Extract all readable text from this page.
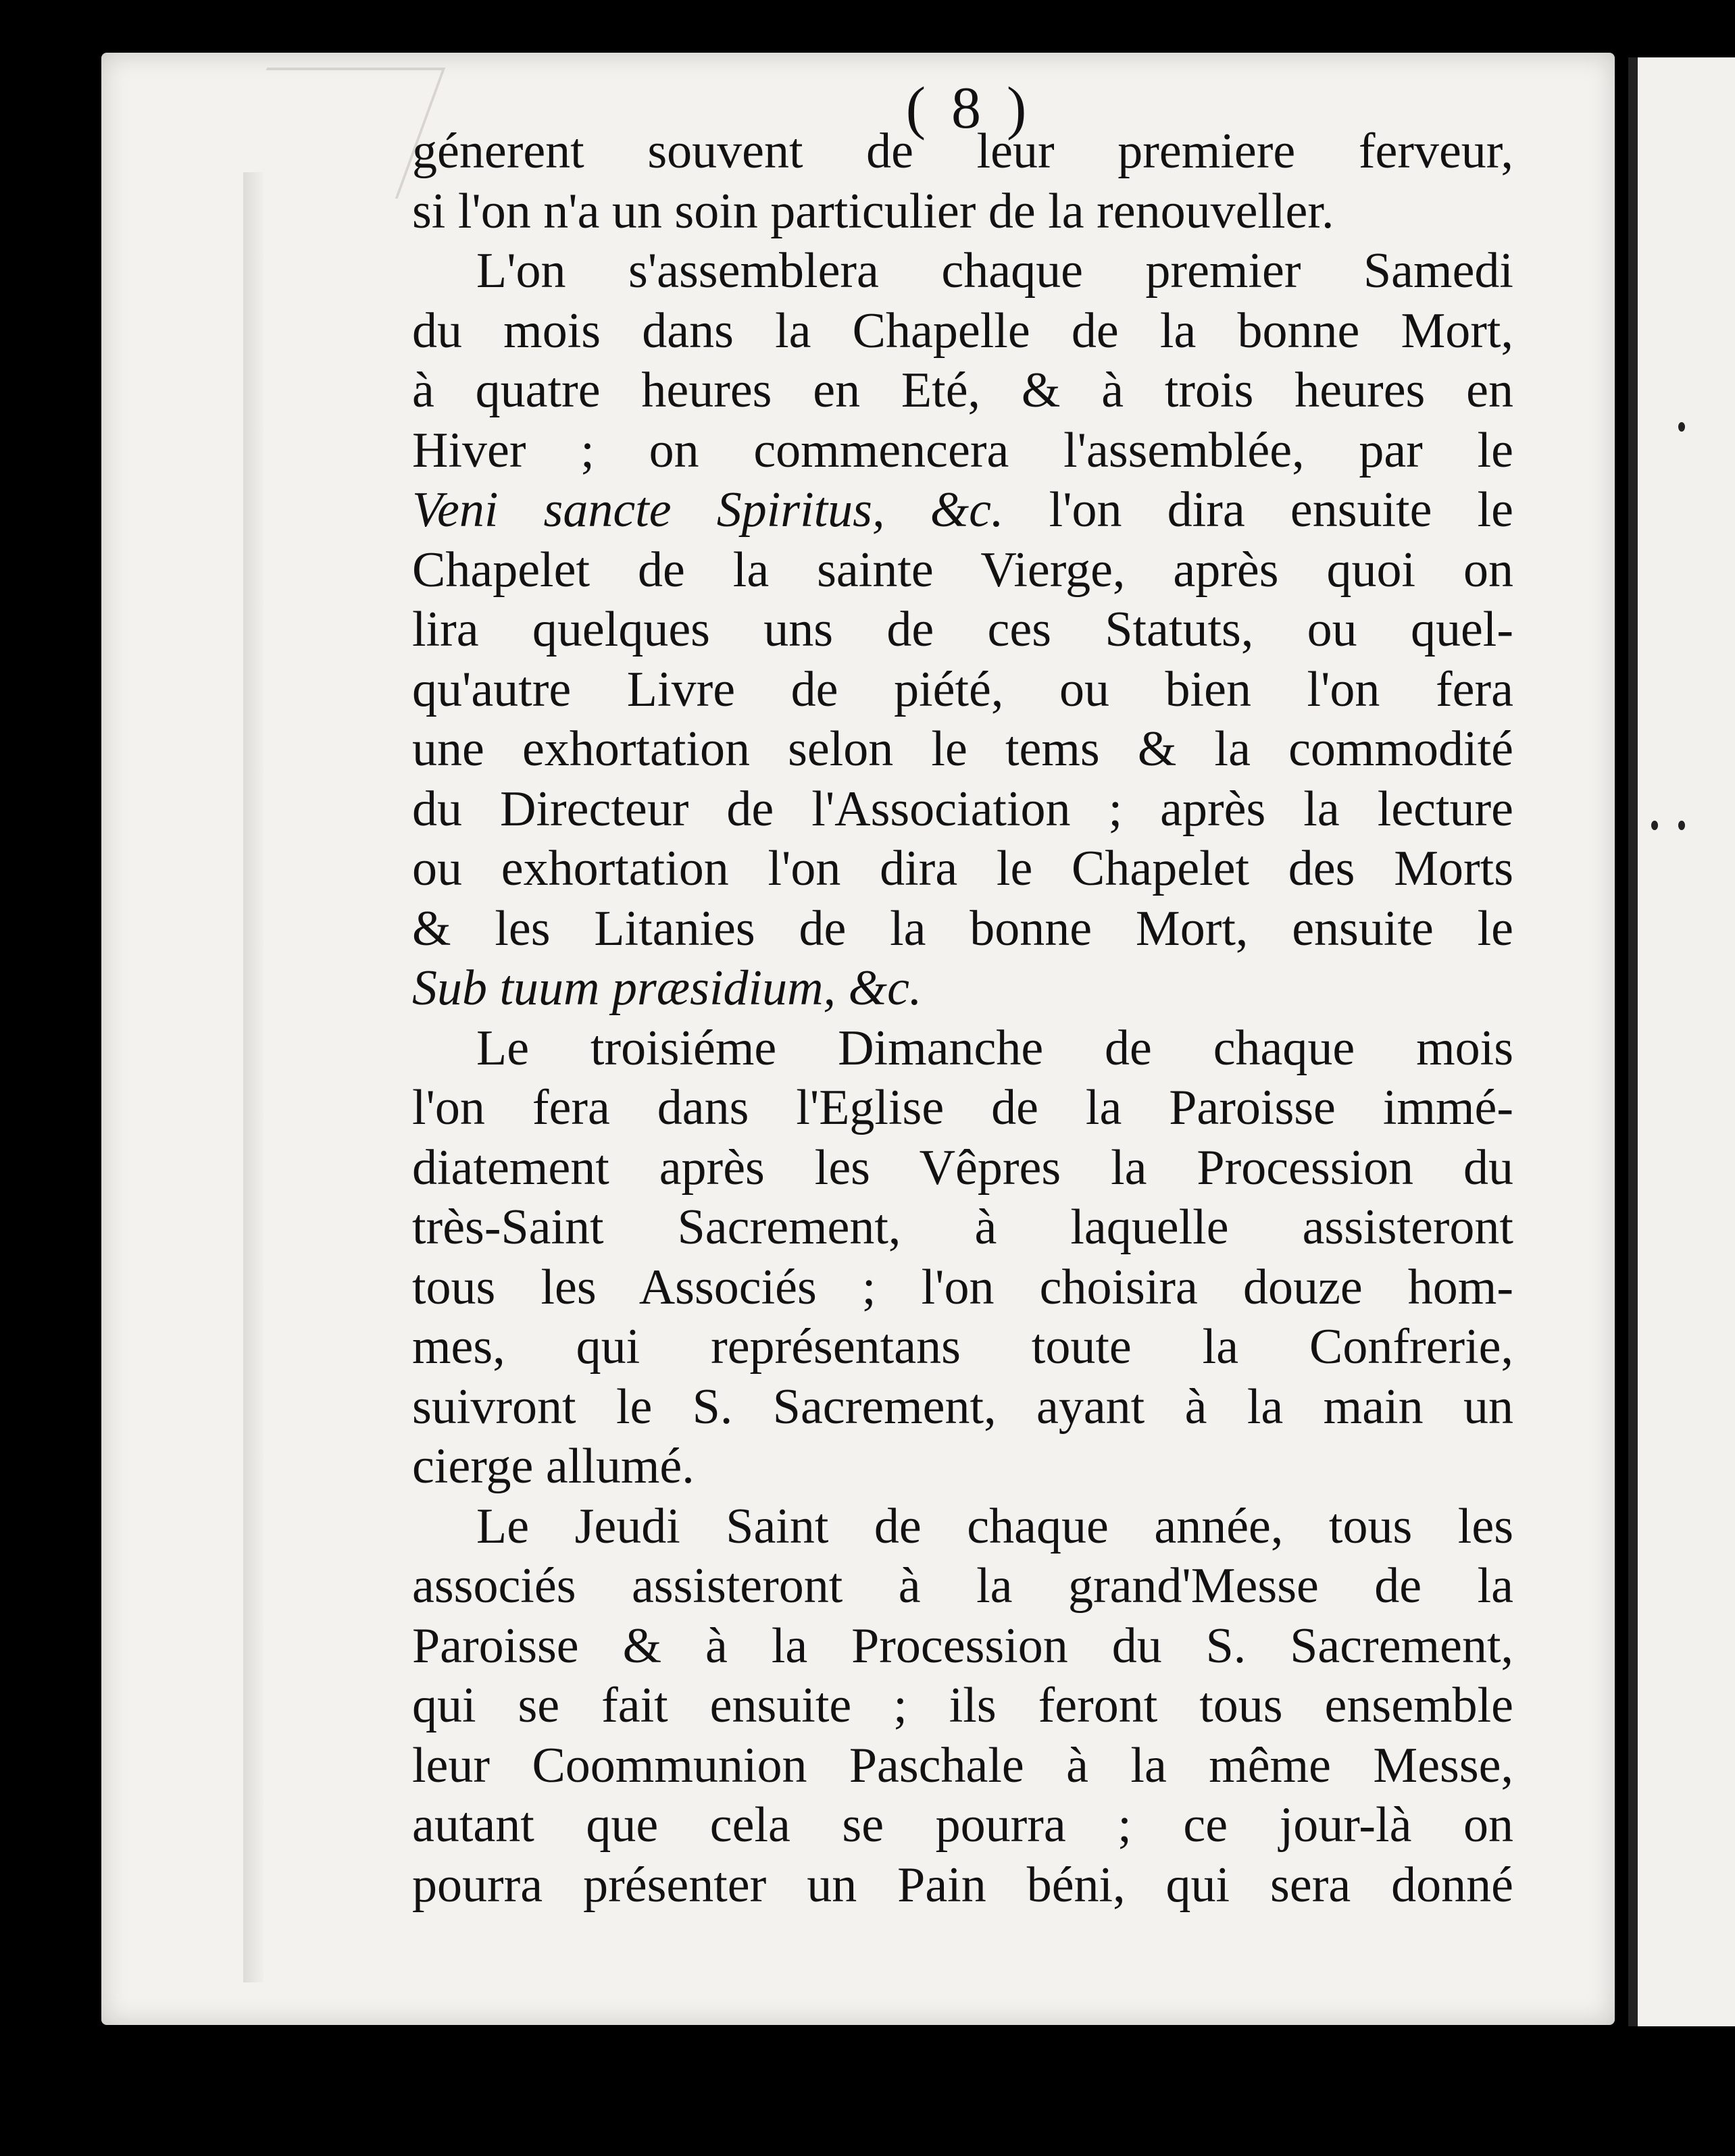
( 8 )
génerent souvent de leur premiere ferveur,
si l'on n'a un soin particulier de la renouveller.
L'on s'assemblera chaque premier Samedi
du mois dans la Chapelle de la bonne Mort,
à quatre heures en Eté, & à trois heures en
Hiver ; on commencera l'assemblée, par le
Veni sancte Spiritus, &c. l'on dira ensuite le
Chapelet de la sainte Vierge, après quoi on
lira quelques uns de ces Statuts, ou quel-
qu'autre Livre de piété, ou bien l'on fera
une exhortation selon le tems & la commodité
du Directeur de l'Association ; après la lecture
ou exhortation l'on dira le Chapelet des Morts
& les Litanies de la bonne Mort, ensuite le
Sub tuum præsidium, &c.
Le troisiéme Dimanche de chaque mois
l'on fera dans l'Eglise de la Paroisse immé-
diatement après les Vêpres la Procession du
très-Saint Sacrement, à laquelle assisteront
tous les Associés ; l'on choisira douze hom-
mes, qui représentans toute la Confrerie,
suivront le S. Sacrement, ayant à la main un
cierge allumé.
Le Jeudi Saint de chaque année, tous les
associés assisteront à la grand'Messe de la
Paroisse & à la Procession du S. Sacrement,
qui se fait ensuite ; ils feront tous ensemble
leur Coommunion Paschale à la même Messe,
autant que cela se pourra ; ce jour-là on
pourra présenter un Pain béni, qui sera donné
